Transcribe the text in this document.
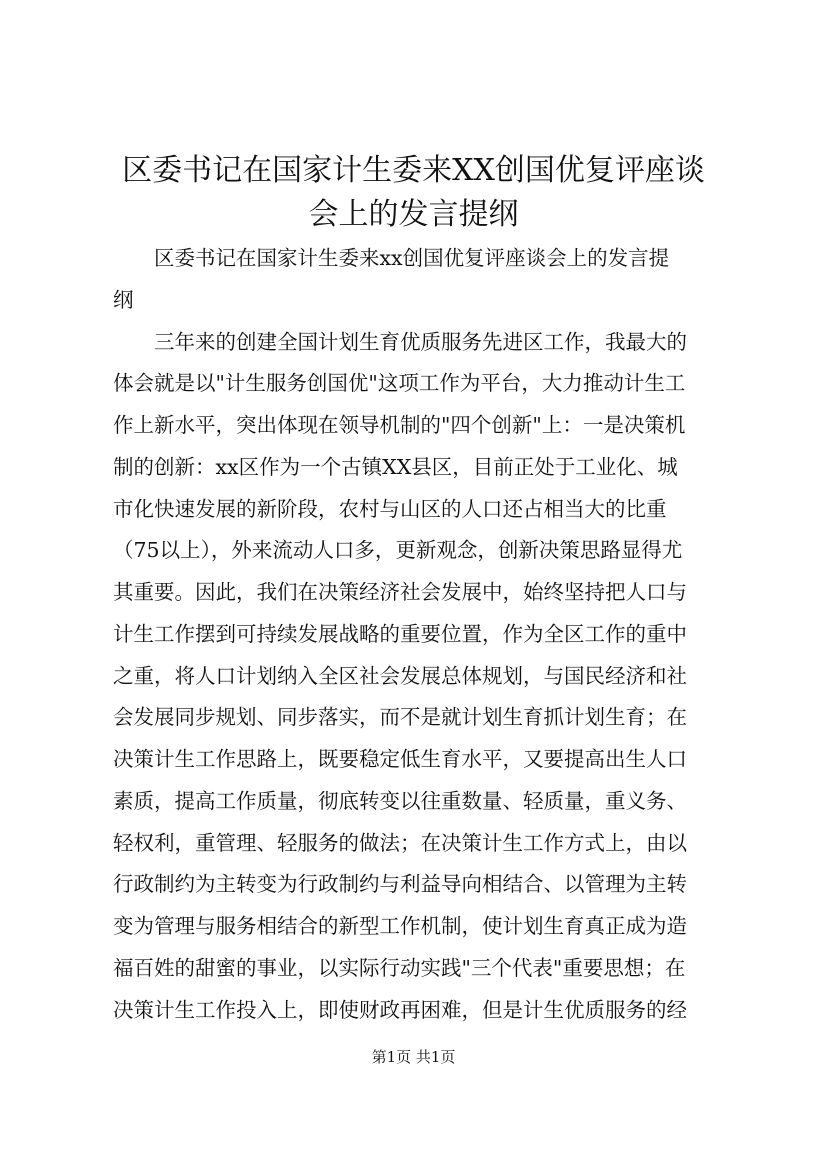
区委书记在国家计生委来XX创国优复评座谈
会上的发言提纲
　　区委书记在国家计生委来xx创国优复评座谈会上的发言提
纲
　　三年来的创建全国计划生育优质服务先进区工作，我最大的
体会就是以"计生服务创国优"这项工作为平台，大力推动计生工
作上新水平，突出体现在领导机制的"四个创新"上：一是决策机
制的创新：xx区作为一个古镇XX县区，目前正处于工业化、城
市化快速发展的新阶段，农村与山区的人口还占相当大的比重
（75以上），外来流动人口多，更新观念，创新决策思路显得尤
其重要。因此，我们在决策经济社会发展中，始终坚持把人口与
计生工作摆到可持续发展战略的重要位置，作为全区工作的重中
之重，将人口计划纳入全区社会发展总体规划，与国民经济和社
会发展同步规划、同步落实，而不是就计划生育抓计划生育；在
决策计生工作思路上，既要稳定低生育水平，又要提高出生人口
素质，提高工作质量，彻底转变以往重数量、轻质量，重义务、
轻权利，重管理、轻服务的做法；在决策计生工作方式上，由以
行政制约为主转变为行政制约与利益导向相结合、以管理为主转
变为管理与服务相结合的新型工作机制，使计划生育真正成为造
福百姓的甜蜜的事业，以实际行动实践"三个代表"重要思想；在
决策计生工作投入上，即使财政再困难，但是计生优质服务的经
第1页 共1页
